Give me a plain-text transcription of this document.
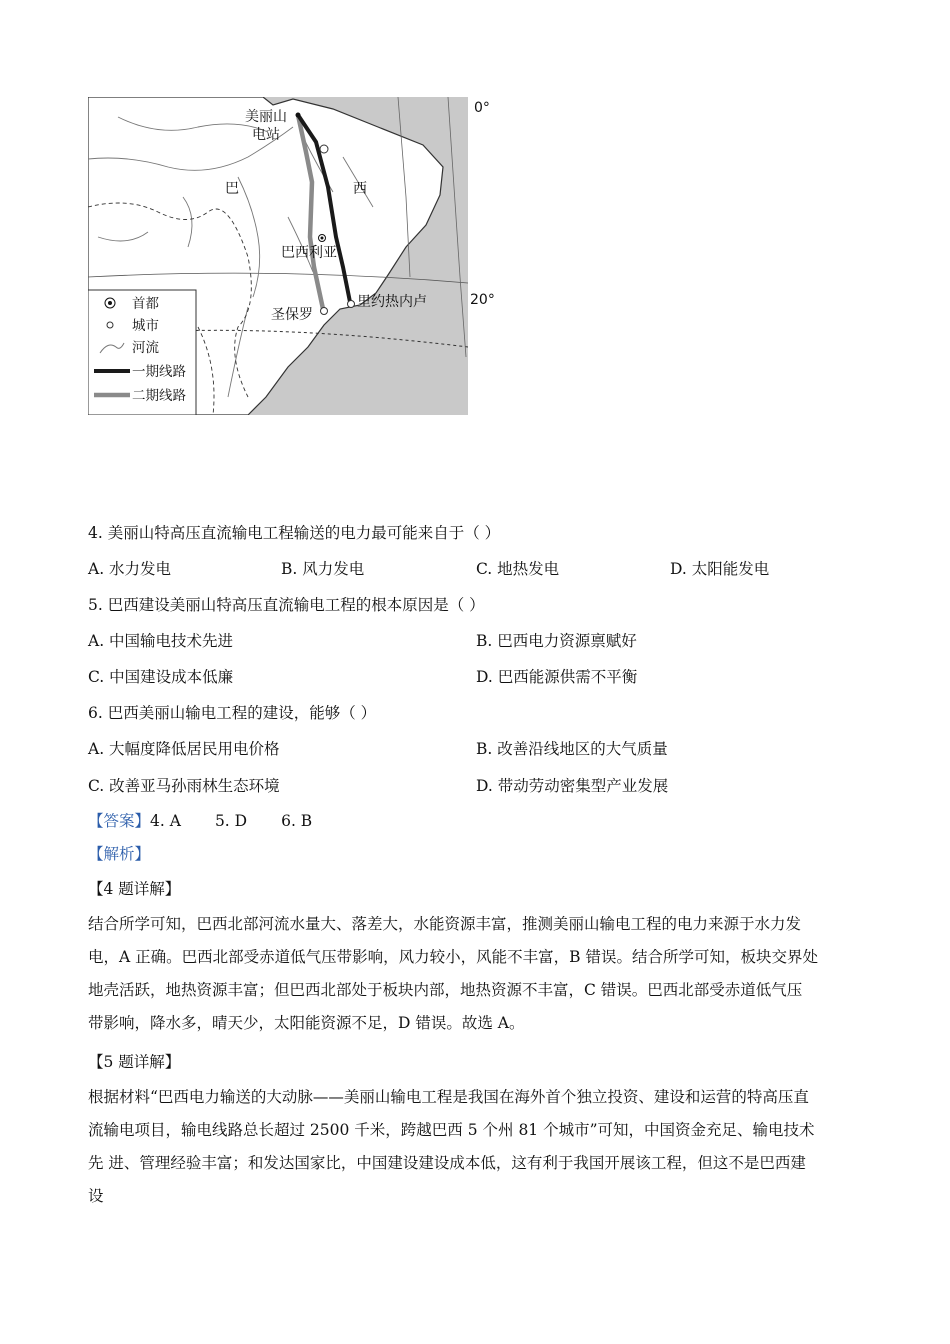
美丽山
电站
巴	西
巴西利亚
圣保罗
里约热内卢
首都
城市
河流
一期线路
二期线路
0°
20°
4. 美丽山特高压直流输电工程输送的电力最可能来自于（ ）
A. 水力发电	B. 风力发电	C. 地热发电	D. 太阳能发电
5. 巴西建设美丽山特高压直流输电工程的根本原因是（ ）
A. 中国输电技术先进	B. 巴西电力资源禀赋好
C. 中国建设成本低廉	D. 巴西能源供需不平衡
6. 巴西美丽山输电工程的建设，能够（ ）
A. 大幅度降低居民用电价格	B. 改善沿线地区的大气质量
C. 改善亚马孙雨林生态环境	D. 带动劳动密集型产业发展
【答案】4. A 5. D 6. B
【解析】
【4 题详解】
结合所学可知，巴西北部河流水量大、落差大，水能资源丰富，推测美丽山输电工程的电力来源于水力发
电，A 正确。巴西北部受赤道低气压带影响，风力较小，风能不丰富，B 错误。结合所学可知，板块交界处
地壳活跃，地热资源丰富；但巴西北部处于板块内部，地热资源不丰富，C 错误。巴西北部受赤道低气压
带影响，降水多，晴天少，太阳能资源不足，D 错误。故选 A。
【5 题详解】
根据材料“巴西电力输送的大动脉——美丽山输电工程是我国在海外首个独立投资、建设和运营的特高压直
流输电项目，输电线路总长超过 2500 千米，跨越巴西 5 个州 81 个城市”可知，中国资金充足、输电技术
先 进、管理经验丰富；和发达国家比，中国建设建设成本低，这有利于我国开展该工程，但这不是巴西建
设
